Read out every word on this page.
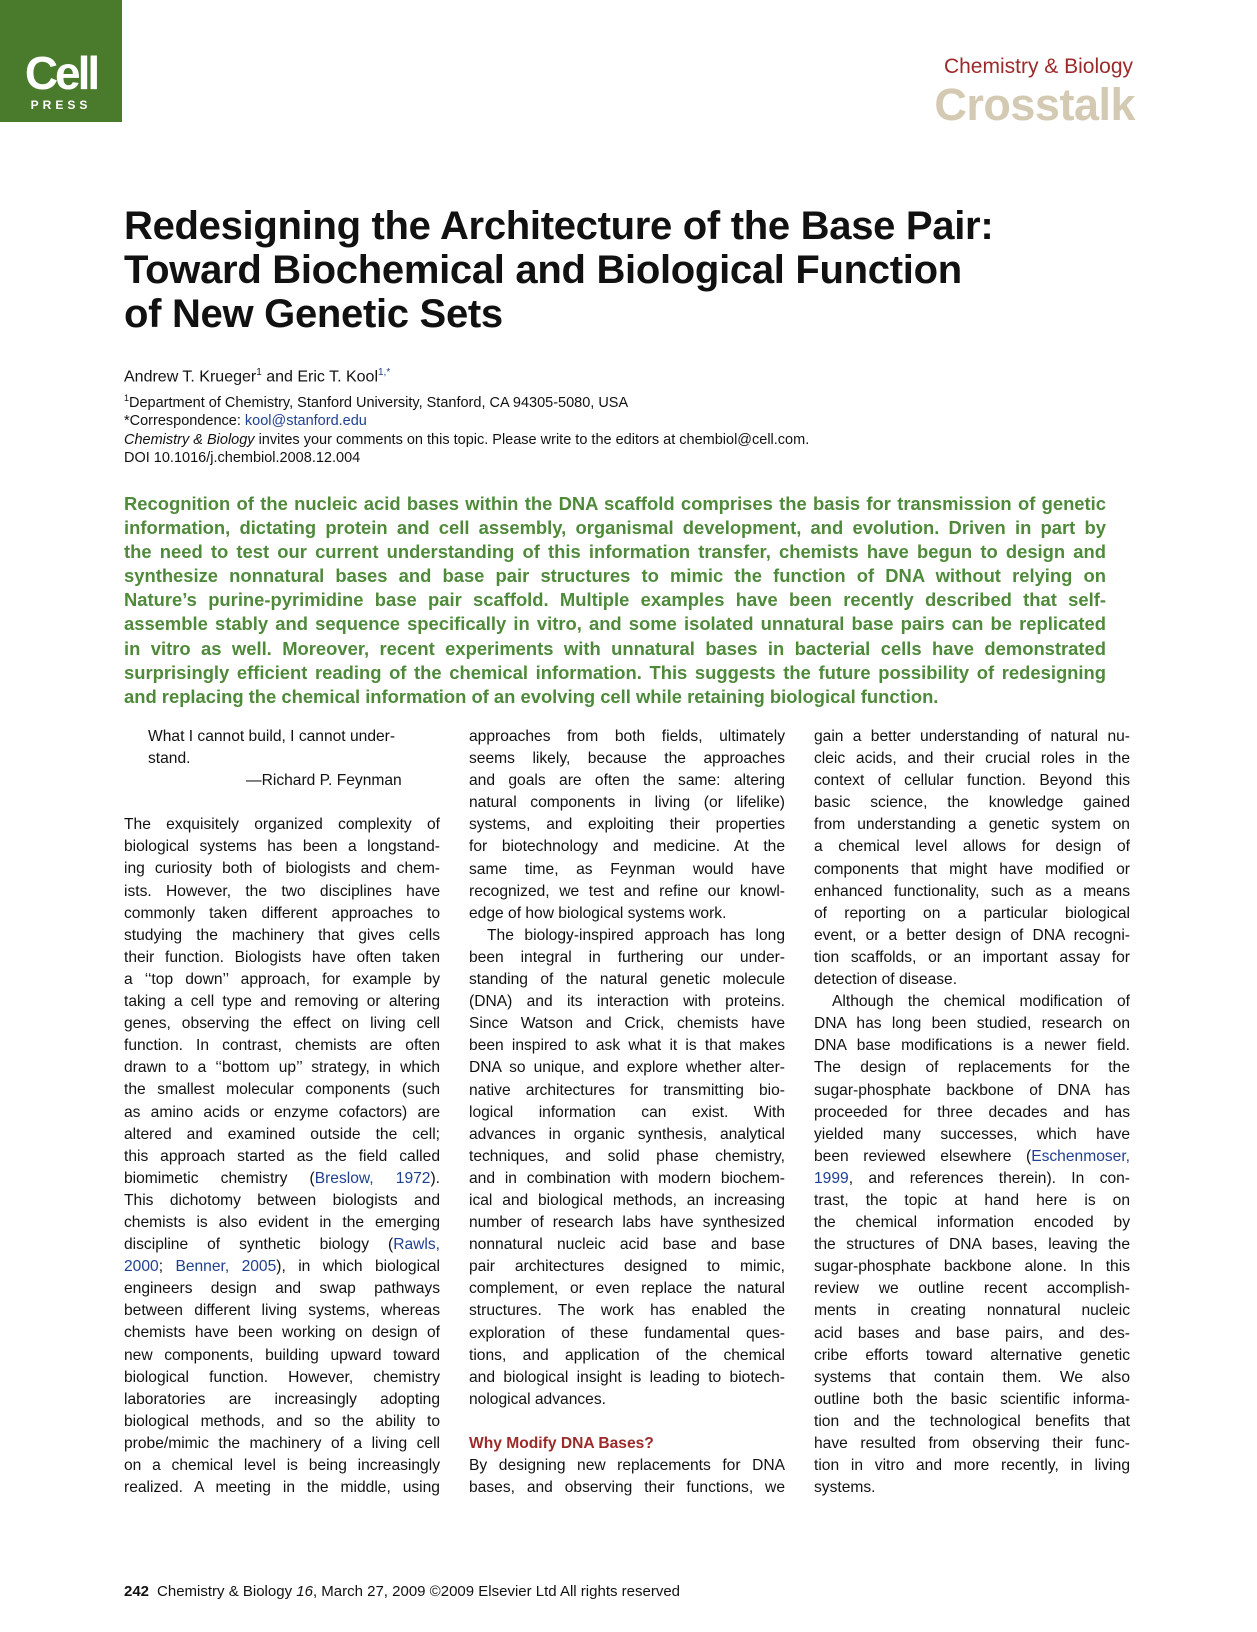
Cell
PRESS
Chemistry & Biology
Crosstalk
Redesigning the Architecture of the Base Pair:
Toward Biochemical and Biological Function
of New Genetic Sets
Andrew T. Krueger$^1$ and Eric T. Kool$^{1,*}$
$^1$Department of Chemistry, Stanford University, Stanford, CA 94305-5080, USA
*Correspondence: kool@stanford.edu
Chemistry & Biology invites your comments on this topic. Please write to the editors at chembiol@cell.com.
DOI 10.1016/j.chembiol.2008.12.004
Recognition of the nucleic acid bases within the DNA scaffold comprises the basis for transmission of genetic
information, dictating protein and cell assembly, organismal development, and evolution. Driven in part by
the need to test our current understanding of this information transfer, chemists have begun to design and
synthesize nonnatural bases and base pair structures to mimic the function of DNA without relying on
Nature’s purine-pyrimidine base pair scaffold. Multiple examples have been recently described that self-
assemble stably and sequence specifically in vitro, and some isolated unnatural base pairs can be replicated
in vitro as well. Moreover, recent experiments with unnatural bases in bacterial cells have demonstrated
surprisingly efficient reading of the chemical information. This suggests the future possibility of redesigning
and replacing the chemical information of an evolving cell while retaining biological function.
What I cannot build, I cannot under-
stand.
—Richard P. Feynman
The exquisitely organized complexity of
biological systems has been a longstand-
ing curiosity both of biologists and chem-
ists. However, the two disciplines have
commonly taken different approaches to
studying the machinery that gives cells
their function. Biologists have often taken
a ‘‘top down’’ approach, for example by
taking a cell type and removing or altering
genes, observing the effect on living cell
function. In contrast, chemists are often
drawn to a ‘‘bottom up’’ strategy, in which
the smallest molecular components (such
as amino acids or enzyme cofactors) are
altered and examined outside the cell;
this approach started as the field called
biomimetic chemistry (Breslow, 1972).
This dichotomy between biologists and
chemists is also evident in the emerging
discipline of synthetic biology (Rawls,
2000; Benner, 2005), in which biological
engineers design and swap pathways
between different living systems, whereas
chemists have been working on design of
new components, building upward toward
biological function. However, chemistry
laboratories are increasingly adopting
biological methods, and so the ability to
probe/mimic the machinery of a living cell
on a chemical level is being increasingly
realized. A meeting in the middle, using
approaches from both fields, ultimately
seems likely, because the approaches
and goals are often the same: altering
natural components in living (or lifelike)
systems, and exploiting their properties
for biotechnology and medicine. At the
same time, as Feynman would have
recognized, we test and refine our knowl-
edge of how biological systems work.
The biology-inspired approach has long
been integral in furthering our under-
standing of the natural genetic molecule
(DNA) and its interaction with proteins.
Since Watson and Crick, chemists have
been inspired to ask what it is that makes
DNA so unique, and explore whether alter-
native architectures for transmitting bio-
logical information can exist. With
advances in organic synthesis, analytical
techniques, and solid phase chemistry,
and in combination with modern biochem-
ical and biological methods, an increasing
number of research labs have synthesized
nonnatural nucleic acid base and base
pair architectures designed to mimic,
complement, or even replace the natural
structures. The work has enabled the
exploration of these fundamental ques-
tions, and application of the chemical
and biological insight is leading to biotech-
nological advances.
Why Modify DNA Bases?
By designing new replacements for DNA
bases, and observing their functions, we
gain a better understanding of natural nu-
cleic acids, and their crucial roles in the
context of cellular function. Beyond this
basic science, the knowledge gained
from understanding a genetic system on
a chemical level allows for design of
components that might have modified or
enhanced functionality, such as a means
of reporting on a particular biological
event, or a better design of DNA recogni-
tion scaffolds, or an important assay for
detection of disease.
Although the chemical modification of
DNA has long been studied, research on
DNA base modifications is a newer field.
The design of replacements for the
sugar-phosphate backbone of DNA has
proceeded for three decades and has
yielded many successes, which have
been reviewed elsewhere (Eschenmoser,
1999, and references therein). In con-
trast, the topic at hand here is on
the chemical information encoded by
the structures of DNA bases, leaving the
sugar-phosphate backbone alone. In this
review we outline recent accomplish-
ments in creating nonnatural nucleic
acid bases and base pairs, and des-
cribe efforts toward alternative genetic
systems that contain them. We also
outline both the basic scientific informa-
tion and the technological benefits that
have resulted from observing their func-
tion in vitro and more recently, in living
systems.
242 Chemistry & Biology 16, March 27, 2009 ©2009 Elsevier Ltd All rights reserved
